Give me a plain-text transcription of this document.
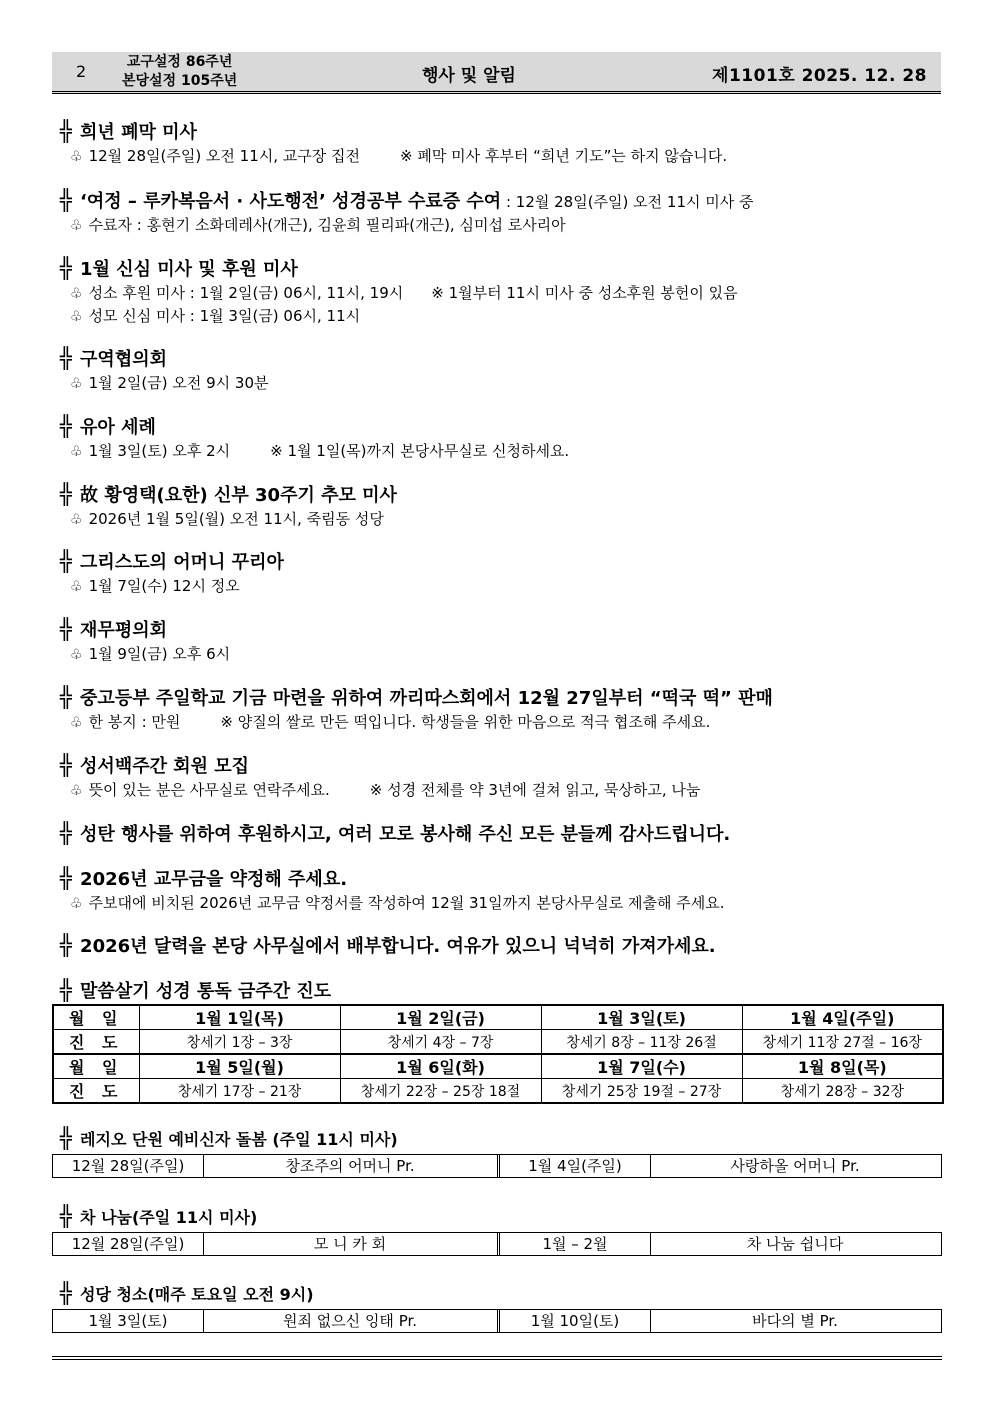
2	교구설정 86주년
본당설정 105주년	행사 및 알림	제1101호 2025. 12. 28
╬ 희년 폐막 미사
♧ 12월 28일(주일) 오전 11시, 교구장 집전	※ 폐막 미사 후부터 “희년 기도”는 하지 않습니다.
╬ ‘여정 – 루카복음서 · 사도행전’ 성경공부 수료증 수여 : 12월 28일(주일) 오전 11시 미사 중
♧ 수료자 : 홍현기 소화데레사(개근), 김윤희 필리파(개근), 심미섭 로사리아
╬ 1월 신심 미사 및 후원 미사
♧ 성소 후원 미사 : 1월 2일(금) 06시, 11시, 19시 ※ 1월부터 11시 미사 중 성소후원 봉헌이 있음
♧ 성모 신심 미사 : 1월 3일(금) 06시, 11시
╬ 구역협의회
♧ 1월 2일(금) 오전 9시 30분
╬ 유아 세례
♧ 1월 3일(토) 오후 2시	※ 1월 1일(목)까지 본당사무실로 신청하세요.
╬ 故 황영택(요한) 신부 30주기 추모 미사
♧ 2026년 1월 5일(월) 오전 11시, 죽림동 성당
╬ 그리스도의 어머니 꾸리아
♧ 1월 7일(수) 12시 정오
╬ 재무평의회
♧ 1월 9일(금) 오후 6시
╬ 중고등부 주일학교 기금 마련을 위하여 까리따스회에서 12월 27일부터 “떡국 떡” 판매
♧ 한 봉지 : 만원	※ 양질의 쌀로 만든 떡입니다. 학생들을 위한 마음으로 적극 협조해 주세요.
╬ 성서백주간 회원 모집
♧ 뜻이 있는 분은 사무실로 연락주세요.	※ 성경 전체를 약 3년에 걸쳐 읽고, 묵상하고, 나눔
╬ 성탄 행사를 위하여 후원하시고, 여러 모로 봉사해 주신 모든 분들께 감사드립니다.
╬ 2026년 교무금을 약정해 주세요.
♧ 주보대에 비치된 2026년 교무금 약정서를 작성하여 12월 31일까지 본당사무실로 제출해 주세요.
╬ 2026년 달력을 본당 사무실에서 배부합니다. 여유가 있으니 넉넉히 가져가세요.
╬ 말씀살기 성경 통독 금주간 진도
월 일	1월 1일(목)	1월 2일(금)	1월 3일(토)	1월 4일(주일)
진 도	창세기 1장 – 3장	창세기 4장 – 7장	창세기 8장 – 11장 26절	창세기 11장 27절 – 16장
월 일	1월 5일(월)	1월 6일(화)	1월 7일(수)	1월 8일(목)
진 도	창세기 17장 – 21장	창세기 22장 – 25장 18절	창세기 25장 19절 – 27장	창세기 28장 – 32장
╬ 레지오 단원 예비신자 돌봄 (주일 11시 미사)
12월 28일(주일)	창조주의 어머니 Pr.	1월 4일(주일)	사랑하올 어머니 Pr.
╬ 차 나눔(주일 11시 미사)
12월 28일(주일)	모 니 카 회	1월 – 2월	차 나눔 쉽니다
╬ 성당 청소(매주 토요일 오전 9시)
1월 3일(토)	원죄 없으신 잉태 Pr.	1월 10일(토)	바다의 별 Pr.
